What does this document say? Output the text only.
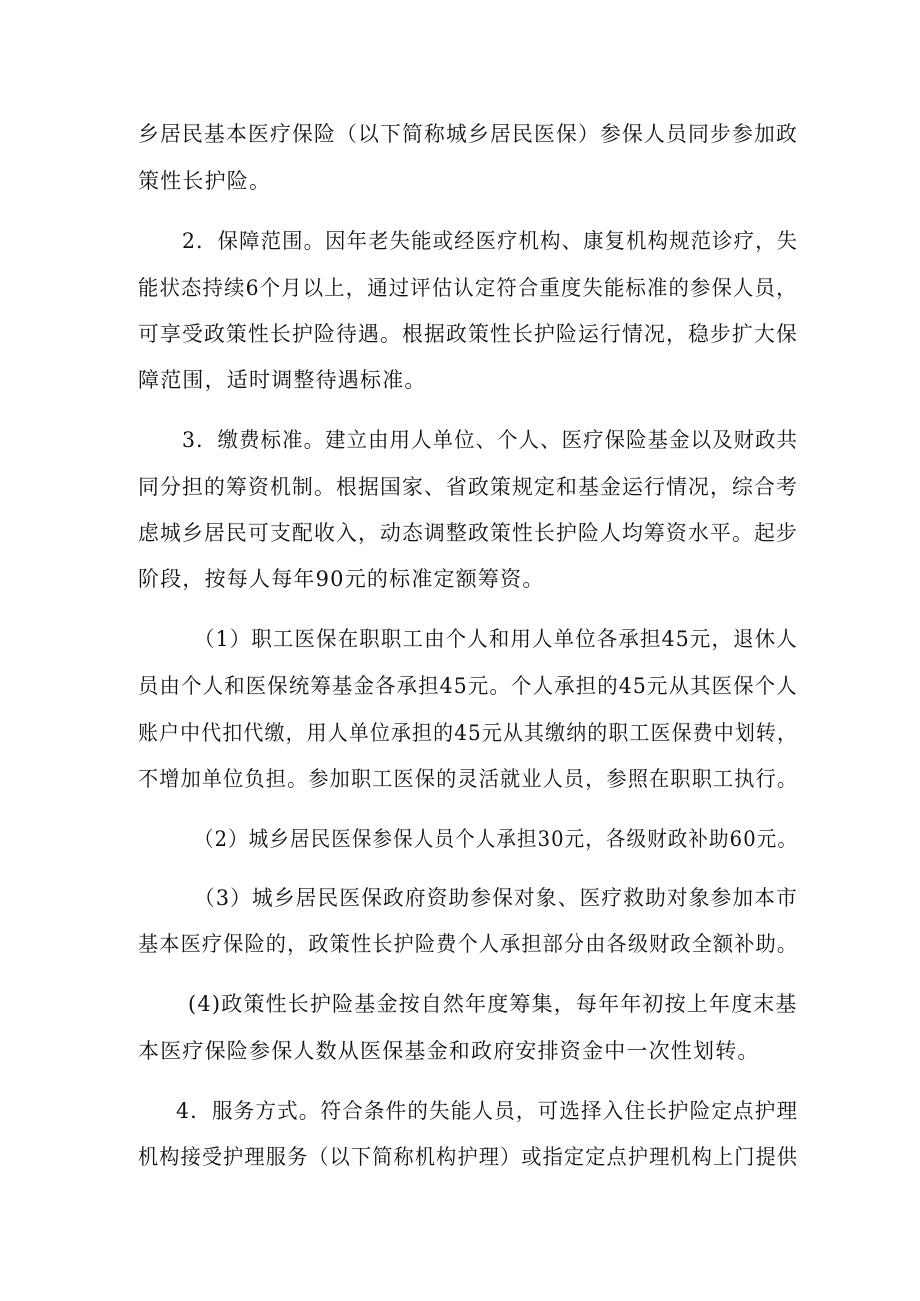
乡居民基本医疗保险（以下简称城乡居民医保）参保人员同步参加政
策性长护险。
2．保障范围。因年老失能或经医疗机构、康复机构规范诊疗，失
能状态持续6个月以上，通过评估认定符合重度失能标准的参保人员，
可享受政策性长护险待遇。根据政策性长护险运行情况，稳步扩大保
障范围，适时调整待遇标准。
3．缴费标准。建立由用人单位、个人、医疗保险基金以及财政共
同分担的筹资机制。根据国家、省政策规定和基金运行情况，综合考
虑城乡居民可支配收入，动态调整政策性长护险人均筹资水平。起步
阶段，按每人每年90元的标准定额筹资。
（1）职工医保在职职工由个人和用人单位各承担45元，退休人
员由个人和医保统筹基金各承担45元。个人承担的45元从其医保个人
账户中代扣代缴，用人单位承担的45元从其缴纳的职工医保费中划转，
不增加单位负担。参加职工医保的灵活就业人员，参照在职职工执行。
（2）城乡居民医保参保人员个人承担30元，各级财政补助60元。
（3）城乡居民医保政府资助参保对象、医疗救助对象参加本市
基本医疗保险的，政策性长护险费个人承担部分由各级财政全额补助。
(4)政策性长护险基金按自然年度筹集，每年年初按上年度末基
本医疗保险参保人数从医保基金和政府安排资金中一次性划转。
4．服务方式。符合条件的失能人员，可选择入住长护险定点护理
机构接受护理服务（以下简称机构护理）或指定定点护理机构上门提供
